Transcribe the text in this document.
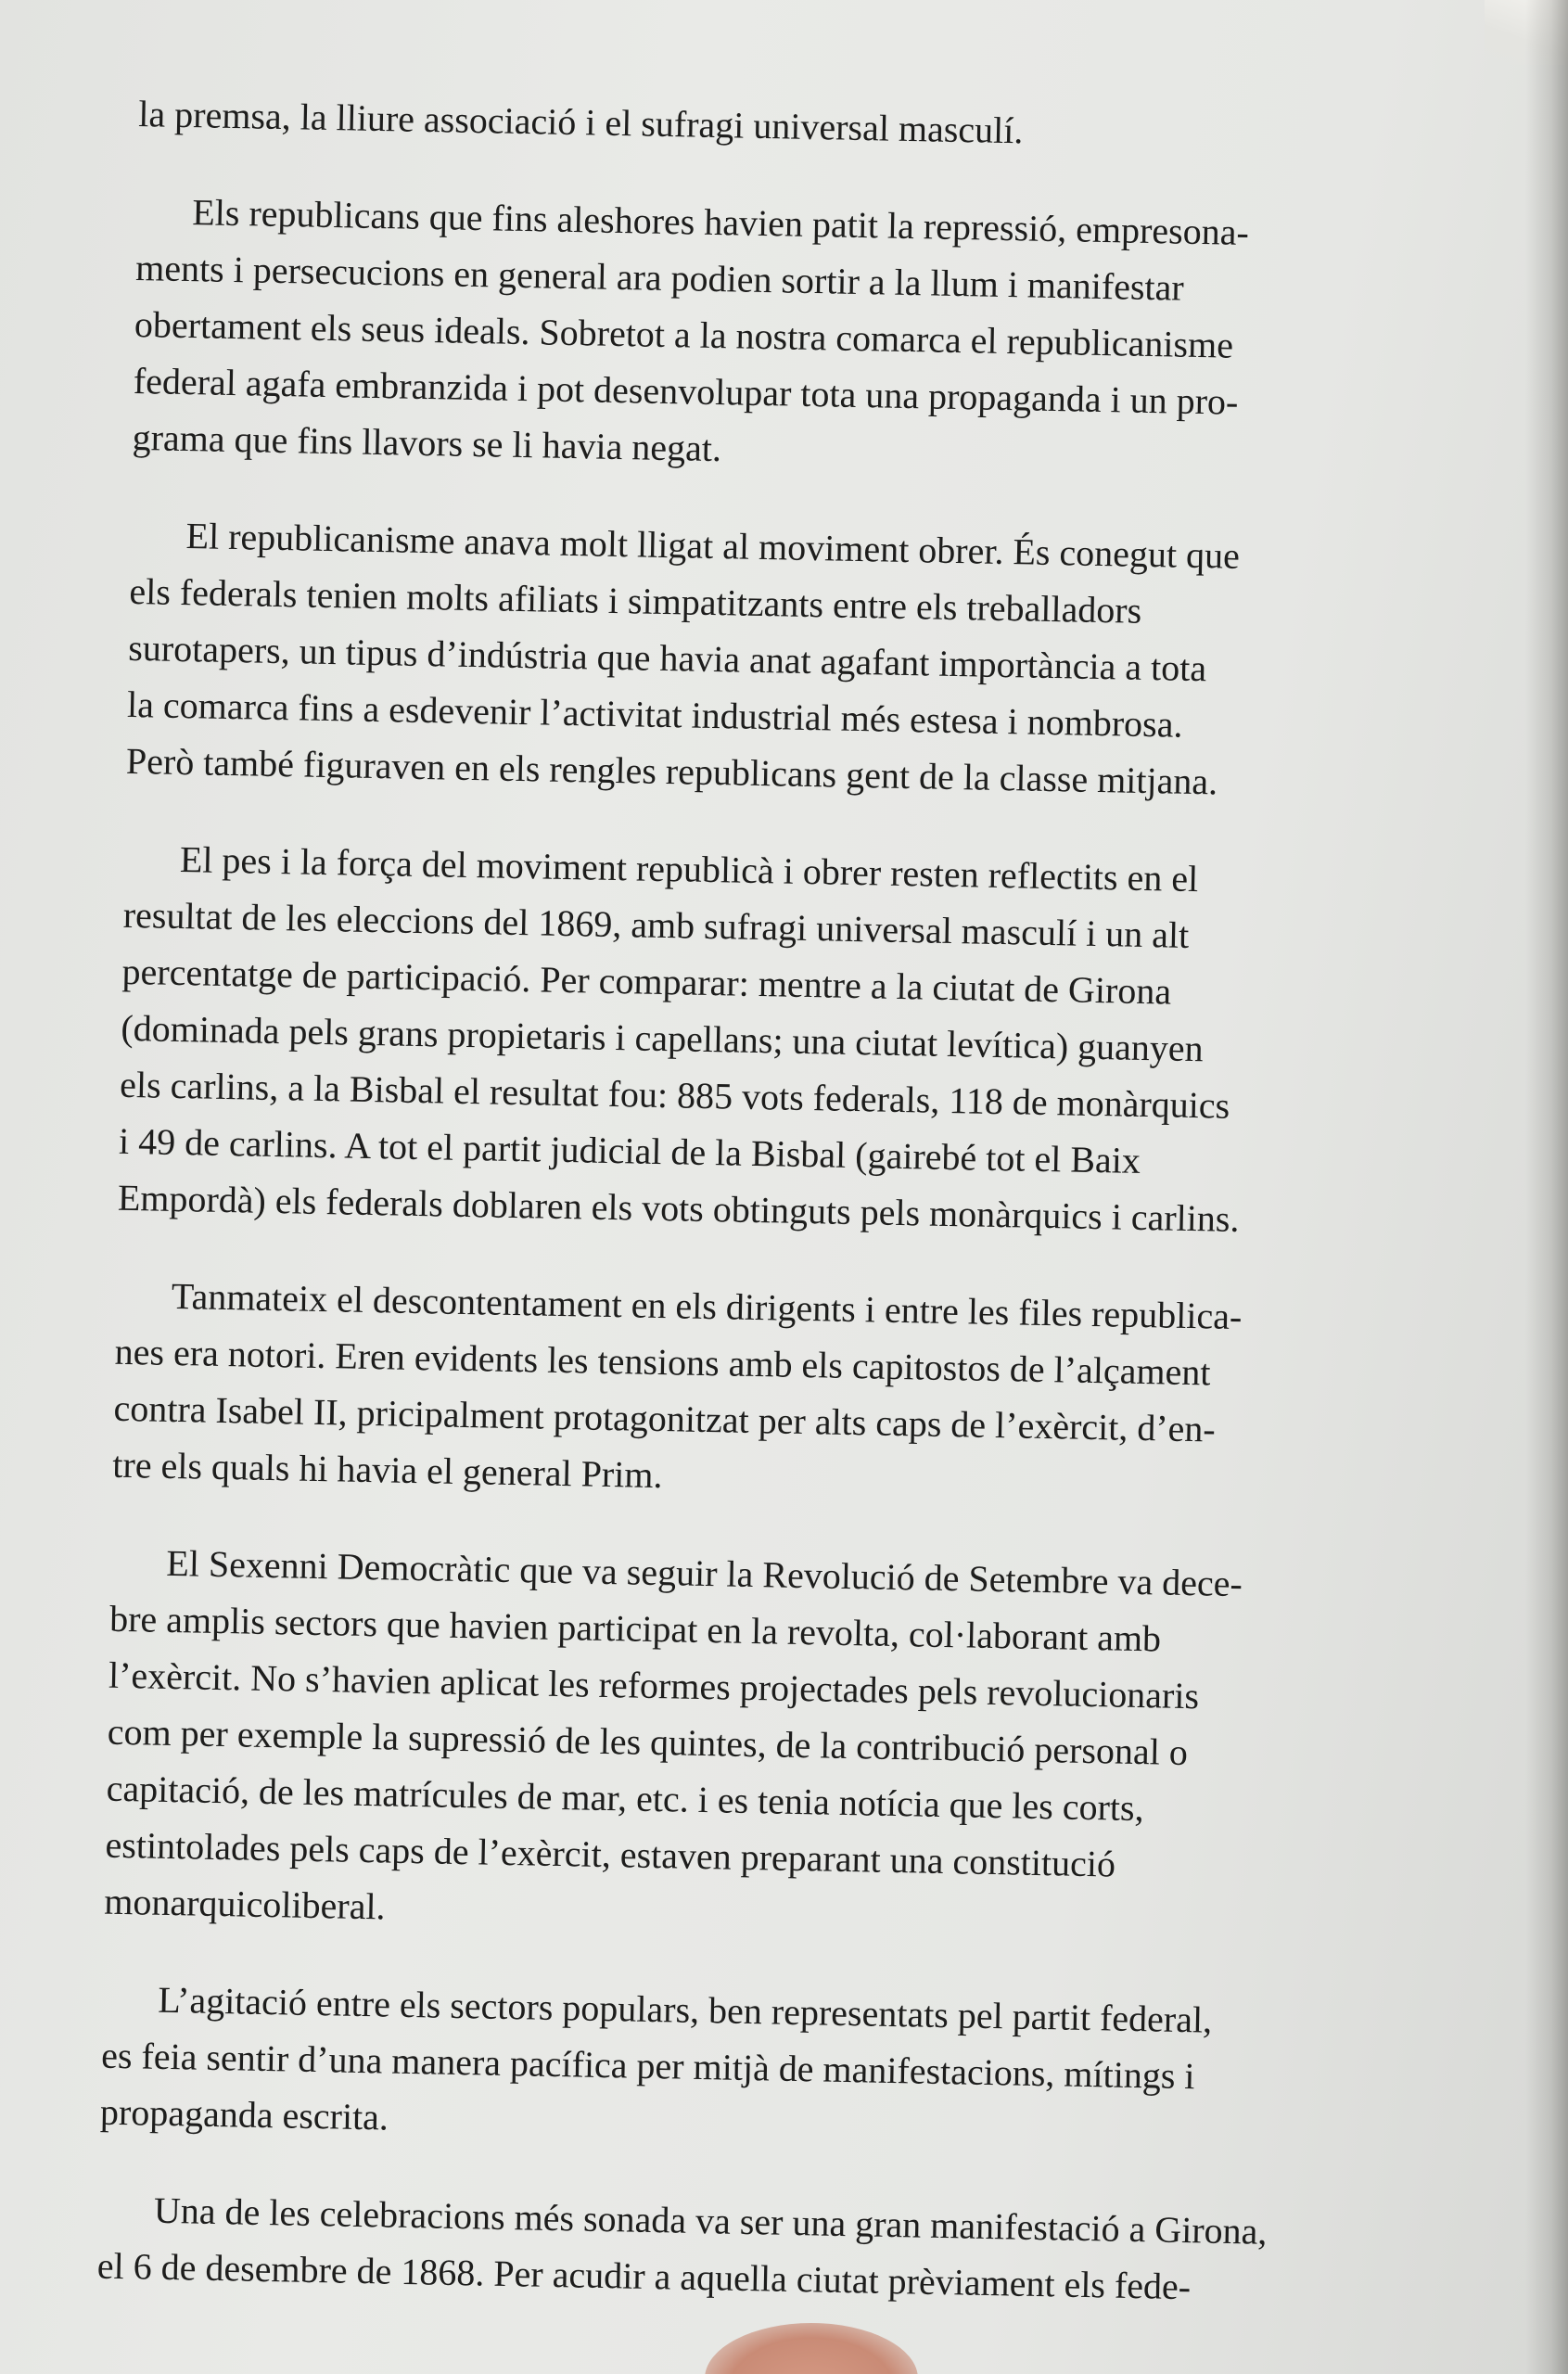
la premsa, la lliure associació i el sufragi universal masculí.
Els republicans que fins aleshores havien patit la repressió, empresona-
ments i persecucions en general ara podien sortir a la llum i manifestar
obertament els seus ideals. Sobretot a la nostra comarca el republicanisme
federal agafa embranzida i pot desenvolupar tota una propaganda i un pro-
grama que fins llavors se li havia negat.
El republicanisme anava molt lligat al moviment obrer. És conegut que
els federals tenien molts afiliats i simpatitzants entre els treballadors
surotapers, un tipus d’indústria que havia anat agafant importància a tota
la comarca fins a esdevenir l’activitat industrial més estesa i nombrosa.
Però també figuraven en els rengles republicans gent de la classe mitjana.
El pes i la força del moviment republicà i obrer resten reflectits en el
resultat de les eleccions del 1869, amb sufragi universal masculí i un alt
percentatge de participació. Per comparar: mentre a la ciutat de Girona
(dominada pels grans propietaris i capellans; una ciutat levítica) guanyen
els carlins, a la Bisbal el resultat fou: 885 vots federals, 118 de monàrquics
i 49 de carlins. A tot el partit judicial de la Bisbal (gairebé tot el Baix
Empordà) els federals doblaren els vots obtinguts pels monàrquics i carlins.
Tanmateix el descontentament en els dirigents i entre les files republica-
nes era notori. Eren evidents les tensions amb els capitostos de l’alçament
contra Isabel II, pricipalment protagonitzat per alts caps de l’exèrcit, d’en-
tre els quals hi havia el general Prim.
El Sexenni Democràtic que va seguir la Revolució de Setembre va dece-
bre amplis sectors que havien participat en la revolta, col·laborant amb
l’exèrcit. No s’havien aplicat les reformes projectades pels revolucionaris
com per exemple la supressió de les quintes, de la contribució personal o
capitació, de les matrícules de mar, etc. i es tenia notícia que les corts,
estintolades pels caps de l’exèrcit, estaven preparant una constitució
monarquicoliberal.
L’agitació entre els sectors populars, ben representats pel partit federal,
es feia sentir d’una manera pacífica per mitjà de manifestacions, mítings i
propaganda escrita.
Una de les celebracions més sonada va ser una gran manifestació a Girona,
el 6 de desembre de 1868. Per acudir a aquella ciutat prèviament els fede-
